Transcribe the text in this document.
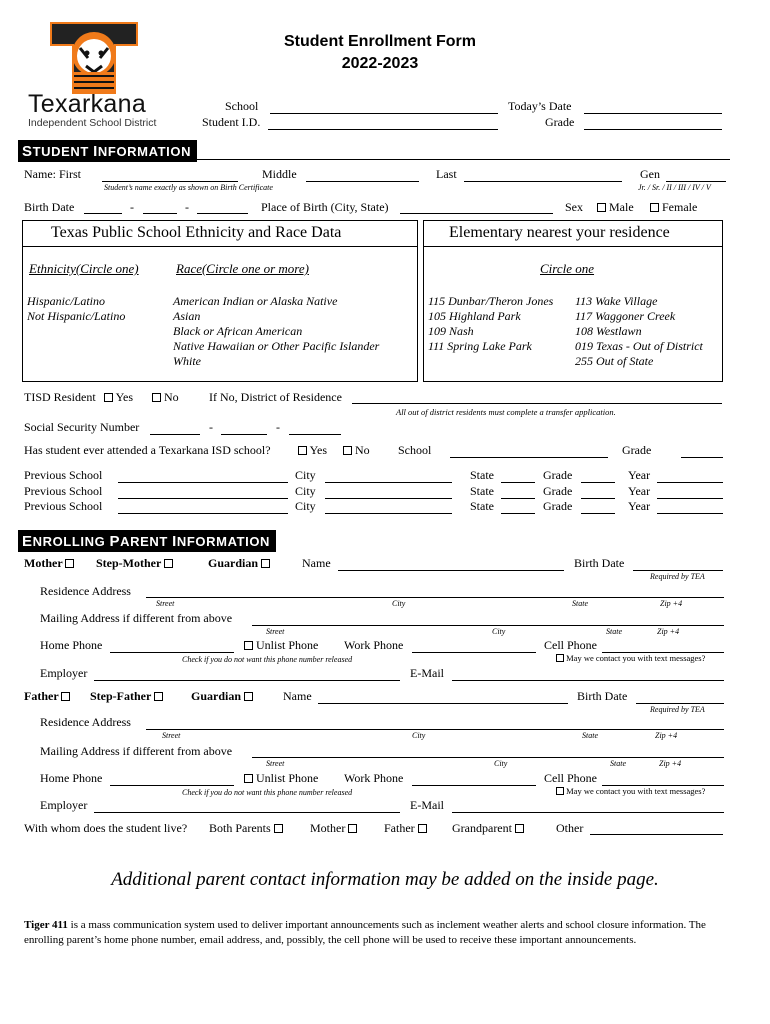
Texarkana
Independent School District
Student Enrollment Form
2022-2023
School
Student I.D.
Today’s Date
Grade
STUDENT INFORMATION
Name: First	Middle	Last	Gen
Student’s name exactly as shown on Birth Certificate	Jr. / Sr. / II / III / IV / V
Birth Date	-	-	Place of Birth (City, State)	Sex	Male	Female
Texas Public School Ethnicity and Race Data
Ethnicity(Circle one)	Race(Circle one or more)
Hispanic/Latino
Not Hispanic/Latino
American Indian or Alaska Native
Asian
Black or African American
Native Hawaiian or Other Pacific Islander
White
Elementary nearest your residence
Circle one
115 Dunbar/Theron Jones
105 Highland Park
109 Nash
111 Spring Lake Park
113 Wake Village
117 Waggoner Creek
108 Westlawn
019 Texas - Out of District
255 Out of State
TISD Resident	Yes	No	If No, District of Residence
All out of district residents must complete a transfer application.
Social Security Number	-	-
Has student ever attended a Texarkana ISD school?	Yes	No School	Grade
Previous School	City	State	Grade	Year
Previous School	City	State	Grade	Year
Previous School	City	State	Grade	Year
ENROLLING PARENT INFORMATION
Mother	Step-Mother	Guardian	Name	Birth Date
Required by TEA
Residence Address
Street	City	State	Zip +4
Mailing Address if different from above
Street	City	State	Zip +4
Home Phone	Unlist Phone Work Phone	Cell Phone
Check if you do not want this phone number released	May we contact you with text messages?
Employer	E-Mail
Father	Step-Father	Guardian	Name	Birth Date
Required by TEA
Residence Address
Street	City	State	Zip +4
Mailing Address if different from above
Street	City	State	Zip +4
Home Phone	Unlist Phone Work Phone	Cell Phone
Check if you do not want this phone number released	May we contact you with text messages?
Employer	E-Mail
With whom does the student live? Both Parents	Mother	Father	Grandparent	Other
Additional parent contact information may be added on the inside page.
Tiger 411 is a mass communication system used to deliver important announcements such as inclement weather alerts and school closure information. The enrolling parent’s home phone number, email address, and, possibly, the cell phone will be used to receive these important announcements.
